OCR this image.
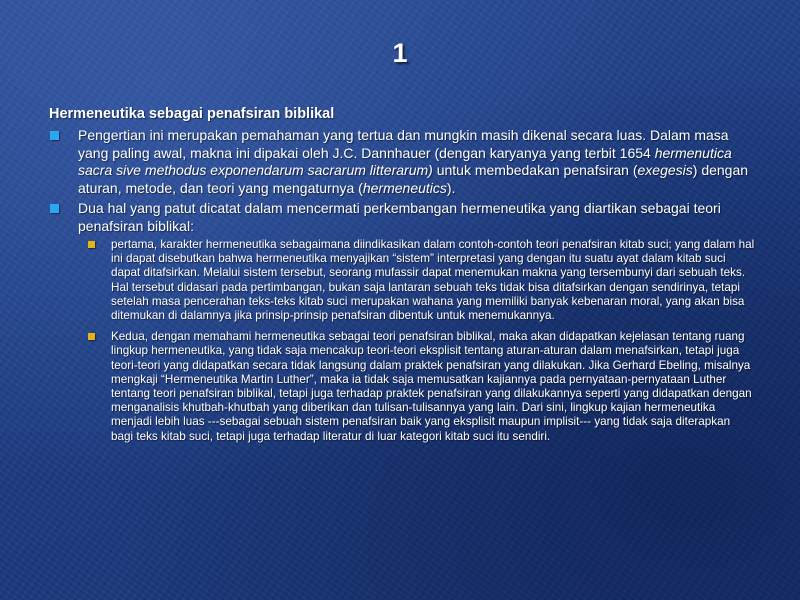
1
Hermeneutika sebagai penafsiran biblikal
Pengertian ini merupakan pemahaman yang tertua dan mungkin masih dikenal secara luas. Dalam masa yang paling awal, makna ini dipakai oleh J.C. Dannhauer (dengan karyanya yang terbit 1654 hermenutica sacra sive methodus exponendarum sacrarum litterarum) untuk membedakan penafsiran (exegesis) dengan aturan, metode, dan teori yang mengaturnya (hermeneutics).
Dua hal yang patut dicatat dalam mencermati perkembangan hermeneutika yang diartikan sebagai teori penafsiran biblikal:
pertama, karakter hermeneutika sebagaimana diindikasikan dalam contoh-contoh teori penafsiran kitab suci; yang dalam hal ini dapat disebutkan bahwa hermeneutika menyajikan “sistem” interpretasi yang dengan itu suatu ayat dalam kitab suci dapat ditafsirkan. Melalui sistem tersebut, seorang mufassir dapat menemukan makna yang tersembunyi dari sebuah teks. Hal tersebut didasari pada pertimbangan, bukan saja lantaran sebuah teks tidak bisa ditafsirkan dengan sendirinya, tetapi setelah masa pencerahan teks-teks kitab suci merupakan wahana yang memiliki banyak kebenaran moral, yang akan bisa ditemukan di dalamnya jika prinsip-prinsip penafsiran dibentuk untuk menemukannya.
Kedua, dengan memahami hermeneutika sebagai teori penafsiran biblikal, maka akan didapatkan kejelasan tentang ruang lingkup hermeneutika, yang tidak saja mencakup teori-teori eksplisit tentang aturan-aturan dalam menafsirkan, tetapi juga teori-teori yang didapatkan secara tidak langsung dalam praktek penafsiran yang dilakukan. Jika Gerhard Ebeling, misalnya mengkaji “Hermeneutika Martin Luther”, maka ia tidak saja memusatkan kajiannya pada pernyataan-pernyataan Luther tentang teori penafsiran biblikal, tetapi juga terhadap praktek penafsiran yang dilakukannya seperti yang didapatkan dengan menganalisis khutbah-khutbah yang diberikan dan tulisan-tulisannya yang lain. Dari sini, lingkup kajian hermeneutika menjadi lebih luas ---sebagai sebuah sistem penafsiran baik yang eksplisit maupun implisit--- yang tidak saja diterapkan bagi teks kitab suci, tetapi juga terhadap literatur di luar kategori kitab suci itu sendiri.
